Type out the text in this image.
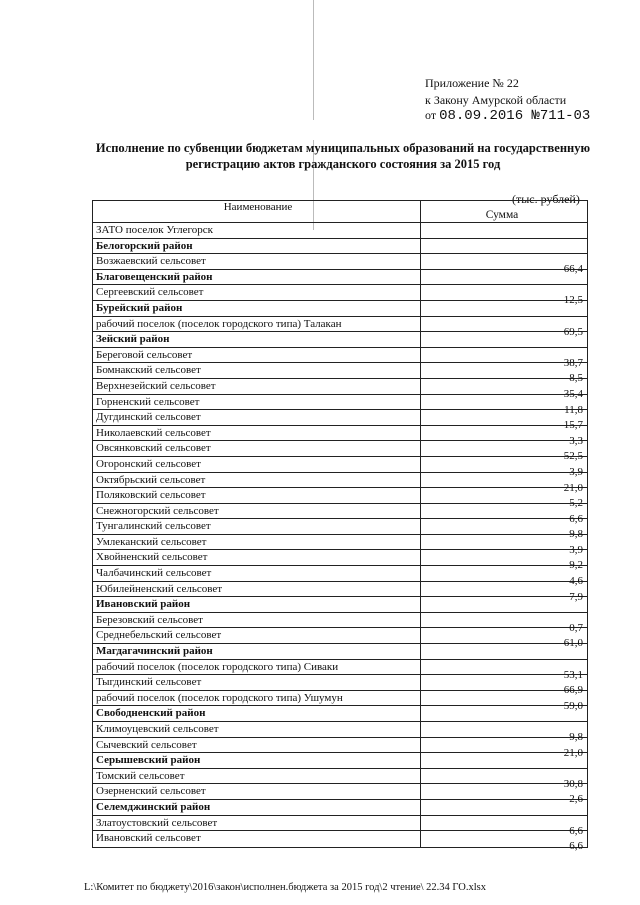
Приложение № 22
к Закону Амурской области
от 08.09.2016 №711-03
Исполнение по субвенции бюджетам муниципальных образований на государственную регистрацию актов гражданского состояния за 2015 год
(тыс. рублей)
Наименование
Сумма
ЗАТО поселок Углегорск
Белогорский район
Возжаевский сельсовет
66,4
Благовещенский район
Сергеевский сельсовет
12,5
Бурейский район
рабочий поселок (поселок городского типа) Талакан
69,5
Зейский район
Береговой сельсовет
38,7
Бомнакский сельсовет
8,5
Верхнезейский сельсовет
35,4
Горненский сельсовет
11,8
Дугдинский сельсовет
15,7
Николаевский сельсовет
3,3
Овсянковский сельсовет
52,5
Огоронский сельсовет
3,9
Октябрьский сельсовет
21,0
Поляковский сельсовет
5,2
Снежногорский сельсовет
6,6
Тунгалинский сельсовет
9,8
Умлеканский сельсовет
3,9
Хвойненский сельсовет
9,2
Чалбачинский сельсовет
4,6
Юбилейненский сельсовет
7,9
Ивановский район
Березовский сельсовет
0,7
Среднебельский сельсовет
61,0
Магдагачинский район
рабочий поселок (поселок городского типа) Сиваки
53,1
Тыгдинский сельсовет
66,9
рабочий поселок (поселок городского типа) Ушумун
59,0
Свободненский район
Климоуцевский сельсовет
9,8
Сычевский сельсовет
21,0
Серышевский район
Томский сельсовет
30,8
Озерненский сельсовет
2,6
Селемджинский район
Златоустовский сельсовет
6,6
Ивановский сельсовет
6,6
L:\Комитет по бюджету\2016\закон\исполнен.бюджета за 2015 год\2 чтение\ 22.34 ГО.xlsx
